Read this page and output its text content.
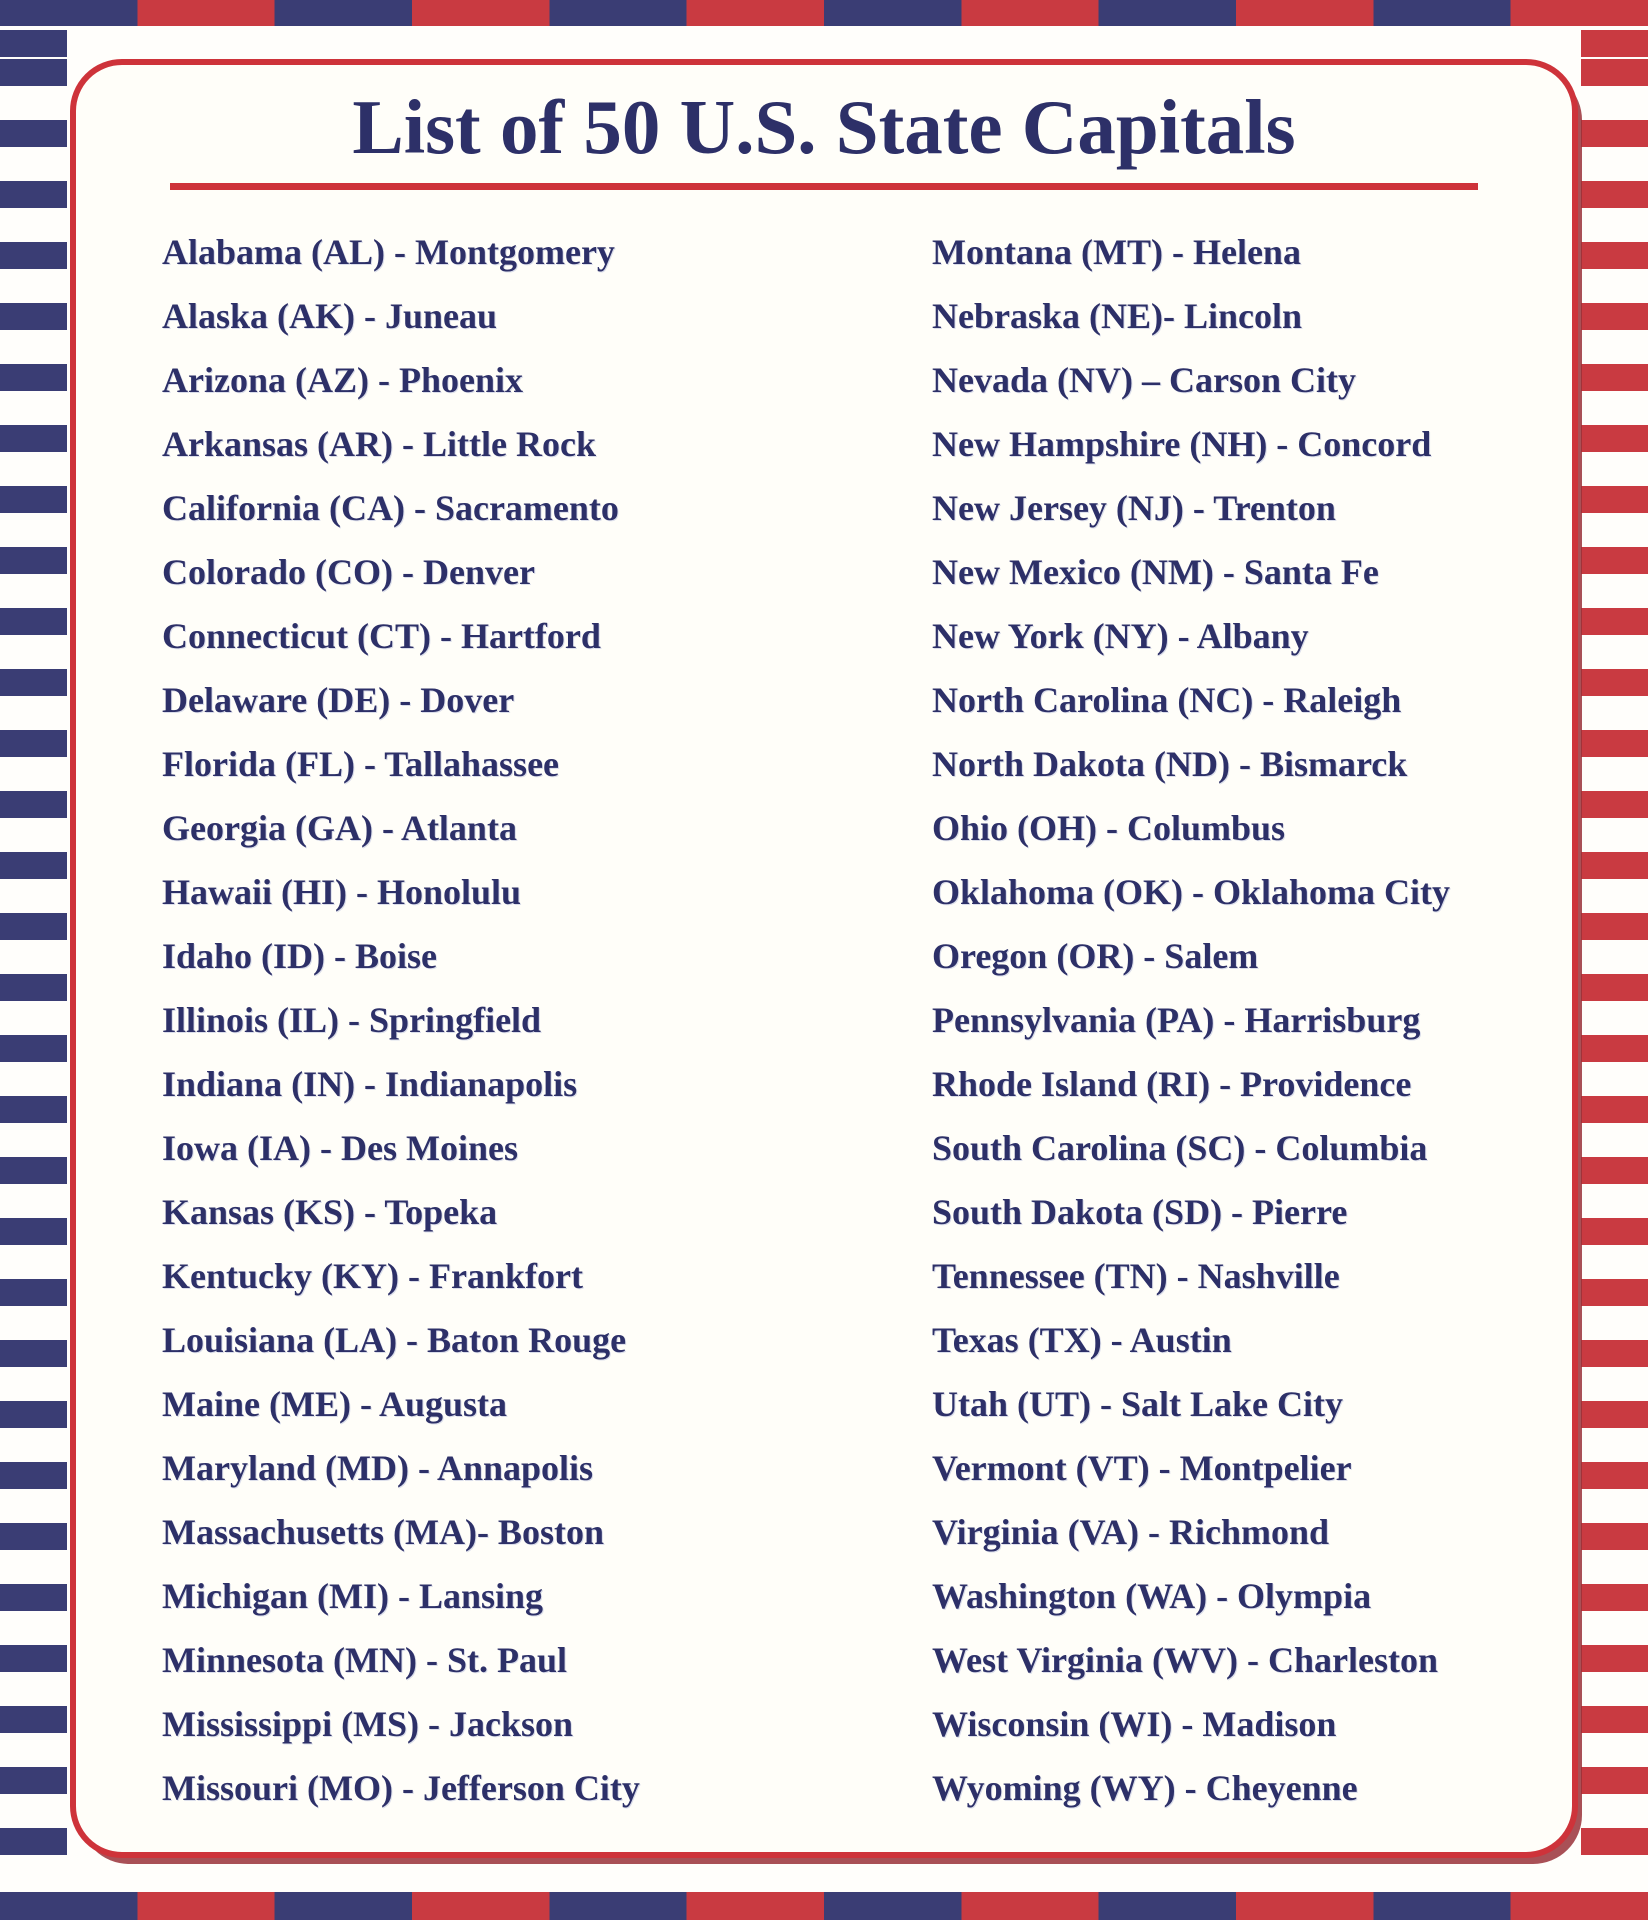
List of 50 U.S. State Capitals
Alabama (AL) - Montgomery
Alaska (AK) - Juneau
Arizona (AZ) - Phoenix
Arkansas (AR) - Little Rock
California (CA) - Sacramento
Colorado (CO) - Denver
Connecticut (CT) - Hartford
Delaware (DE) - Dover
Florida (FL) - Tallahassee
Georgia (GA) - Atlanta
Hawaii (HI) - Honolulu
Idaho (ID) - Boise
Illinois (IL) - Springfield
Indiana (IN) - Indianapolis
Iowa (IA) - Des Moines
Kansas (KS) - Topeka
Kentucky (KY) - Frankfort
Louisiana (LA) - Baton Rouge
Maine (ME) - Augusta
Maryland (MD) - Annapolis
Massachusetts (MA)- Boston
Michigan (MI) - Lansing
Minnesota (MN) - St. Paul
Mississippi (MS) - Jackson
Missouri (MO) - Jefferson City
Montana (MT) - Helena
Nebraska (NE)- Lincoln
Nevada (NV) – Carson City
New Hampshire (NH) - Concord
New Jersey (NJ) - Trenton
New Mexico (NM) - Santa Fe
New York (NY) - Albany
North Carolina (NC) - Raleigh
North Dakota (ND) - Bismarck
Ohio (OH) - Columbus
Oklahoma (OK) - Oklahoma City
Oregon (OR) - Salem
Pennsylvania (PA) - Harrisburg
Rhode Island (RI) - Providence
South Carolina (SC) - Columbia
South Dakota (SD) - Pierre
Tennessee (TN) - Nashville
Texas (TX) - Austin
Utah (UT) - Salt Lake City
Vermont (VT) - Montpelier
Virginia (VA) - Richmond
Washington (WA) - Olympia
West Virginia (WV) - Charleston
Wisconsin (WI) - Madison
Wyoming (WY) - Cheyenne
